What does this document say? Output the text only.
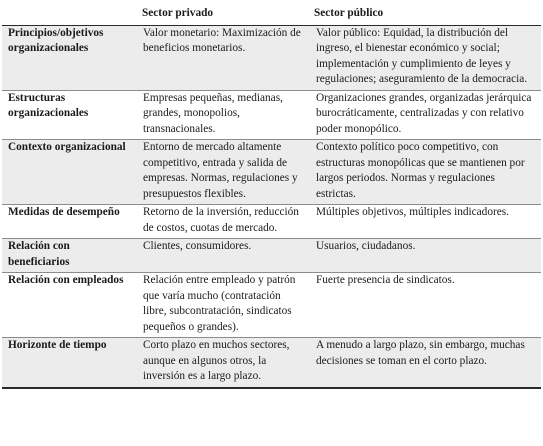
	Sector privado	Sector público
Principios/objetivos organizacionales	Valor monetario: Maximización de beneficios monetarios.	Valor público: Equidad, la distribución del ingreso, el bienestar económico y social; implementación y cumplimiento de leyes y regulaciones; aseguramiento de la democracia.
Estructuras organizacionales	Empresas pequeñas, medianas, grandes, monopolios, transnacionales.	Organizaciones grandes, organizadas jerárquica burocráticamente, centralizadas y con relativo poder monopólico.
Contexto organizacional	Entorno de mercado altamente competitivo, entrada y salida de empresas. Normas, regulaciones y presupuestos flexibles.	Contexto político poco competitivo, con estructuras monopólicas que se mantienen por largos periodos. Normas y regulaciones estrictas.
Medidas de desempeño	Retorno de la inversión, reducción de costos, cuotas de mercado.	Múltiples objetivos, múltiples indicadores.
Relación con beneficiarios	Clientes, consumidores.	Usuarios, ciudadanos.
Relación con empleados	Relación entre empleado y patrón que varía mucho (contratación libre, subcontratación, sindicatos pequeños o grandes).	Fuerte presencia de sindicatos.
Horizonte de tiempo	Corto plazo en muchos sectores, aunque en algunos otros, la inversión es a largo plazo.	A menudo a largo plazo, sin embargo, muchas decisiones se toman en el corto plazo.
